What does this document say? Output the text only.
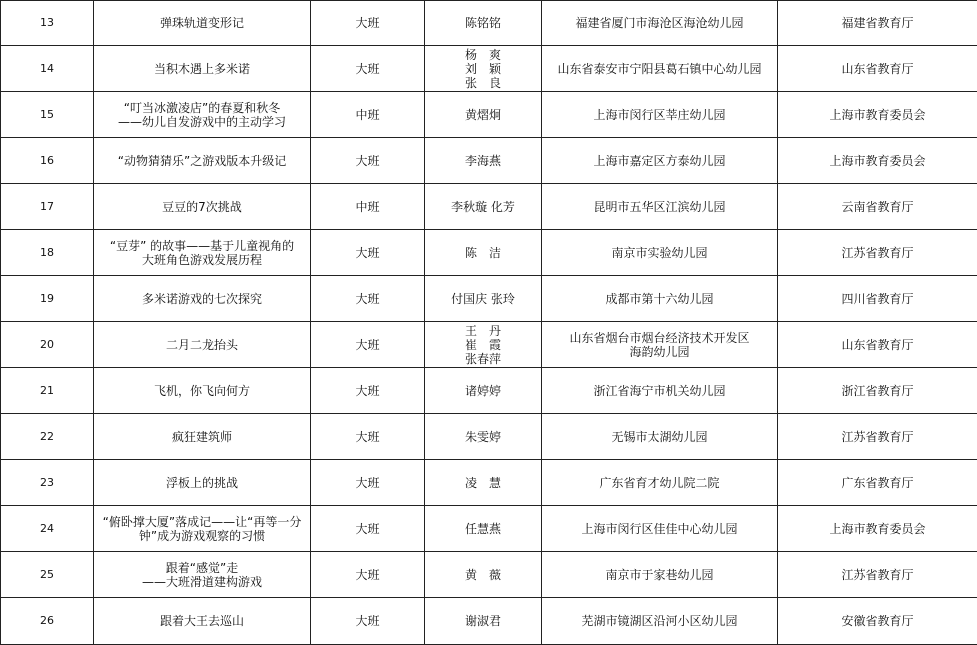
13	弹珠轨道变形记	大班	陈铭铭	福建省厦门市海沧区海沧幼儿园	福建省教育厅
14	当积木遇上多米诺	大班	杨　爽
刘　颖
张　良	山东省泰安市宁阳县葛石镇中心幼儿园	山东省教育厅
15	“叮当冰激凌店”的春夏和秋冬
——幼儿自发游戏中的主动学习	中班	黄熠炯	上海市闵行区莘庄幼儿园	上海市教育委员会
16	“动物猜猜乐”之游戏版本升级记	大班	李海燕	上海市嘉定区方泰幼儿园	上海市教育委员会
17	豆豆的7次挑战	中班	李秋璇 化芳	昆明市五华区江滨幼儿园	云南省教育厅
18	“豆芽” 的故事——基于儿童视角的
大班角色游戏发展历程	大班	陈　洁	南京市实验幼儿园	江苏省教育厅
19	多米诺游戏的七次探究	大班	付国庆 张玲	成都市第十六幼儿园	四川省教育厅
20	二月二龙抬头	大班	王　丹
崔　霞
张春萍	山东省烟台市烟台经济技术开发区
海韵幼儿园	山东省教育厅
21	飞机，你飞向何方	大班	诸婷婷	浙江省海宁市机关幼儿园	浙江省教育厅
22	疯狂建筑师	大班	朱雯婷	无锡市太湖幼儿园	江苏省教育厅
23	浮板上的挑战	大班	凌　慧	广东省育才幼儿院二院	广东省教育厅
24	“俯卧撑大厦”落成记——让“再等一分
钟”成为游戏观察的习惯	大班	任慧燕	上海市闵行区佳佳中心幼儿园	上海市教育委员会
25	跟着“感觉”走
——大班滑道建构游戏	大班	黄　薇	南京市于家巷幼儿园	江苏省教育厅
26	跟着大王去巡山	大班	谢淑君	芜湖市镜湖区沿河小区幼儿园	安徽省教育厅
